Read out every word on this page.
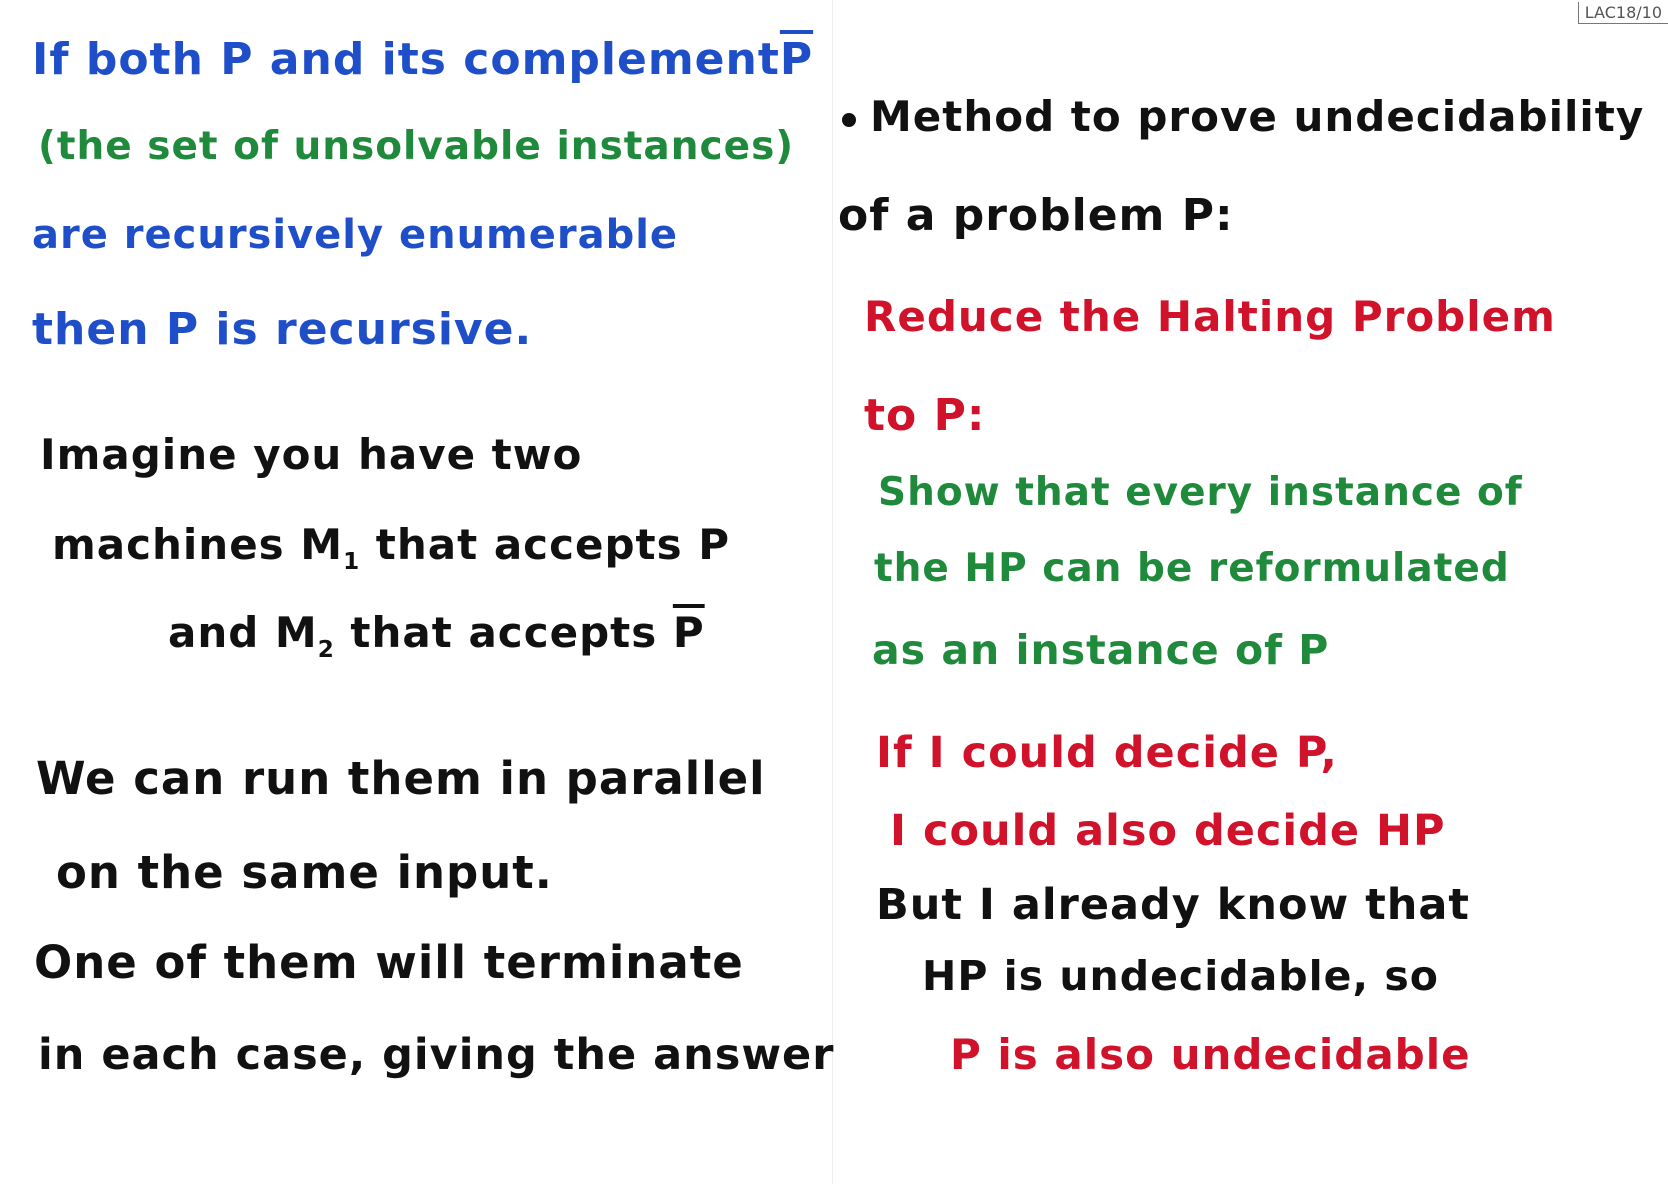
LAC18/10
If both P and its $complement\overline{P}$
(the set of unsolvable instances)
are recursively enumerable
then P is recursive.
Imagine you have two
machines $M_1$ that accepts P
and $M_2$ that accepts $\overline{P}$
We can run them in parallel
on the same input.
One of them will terminate
in each case, giving the answer
Method to prove undecidability
of a problem P:
Reduce the Halting Problem
to P:
Show that every instance of
the HP can be reformulated
as an instance of P
If I could decide P,
I could also decide HP
But I already know that
HP is undecidable, so
P is also undecidable
